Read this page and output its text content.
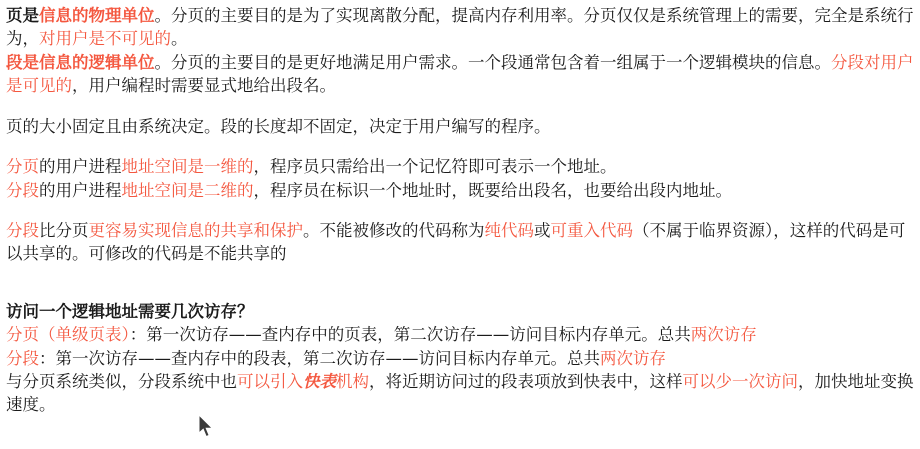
页是信息的物理单位。分页的主要目的是为了实现离散分配，提高内存利用率。分页仅仅是系统管理上的需要，完全是系统行为，对用户是不可见的。
段是信息的逻辑单位。分页的主要目的是更好地满足用户需求。一个段通常包含着一组属于一个逻辑模块的信息。分段对用户是可见的，用户编程时需要显式地给出段名。

页的大小固定且由系统决定。段的长度却不固定，决定于用户编写的程序。

分页的用户进程地址空间是一维的，程序员只需给出一个记忆符即可表示一个地址。
分段的用户进程地址空间是二维的，程序员在标识一个地址时，既要给出段名，也要给出段内地址。

分段比分页更容易实现信息的共享和保护。不能被修改的代码称为纯代码或可重入代码（不属于临界资源），这样的代码是可以共享的。可修改的代码是不能共享的

访问一个逻辑地址需要几次访存？
分页（单级页表）：第一次访存——查内存中的页表，第二次访存——访问目标内存单元。总共两次访存
分段：第一次访存——查内存中的段表，第二次访存——访问目标内存单元。总共两次访存
与分页系统类似，分段系统中也可以引入快表机构，将近期访问过的段表项放到快表中，这样可以少一次访问，加快地址变换速度。
